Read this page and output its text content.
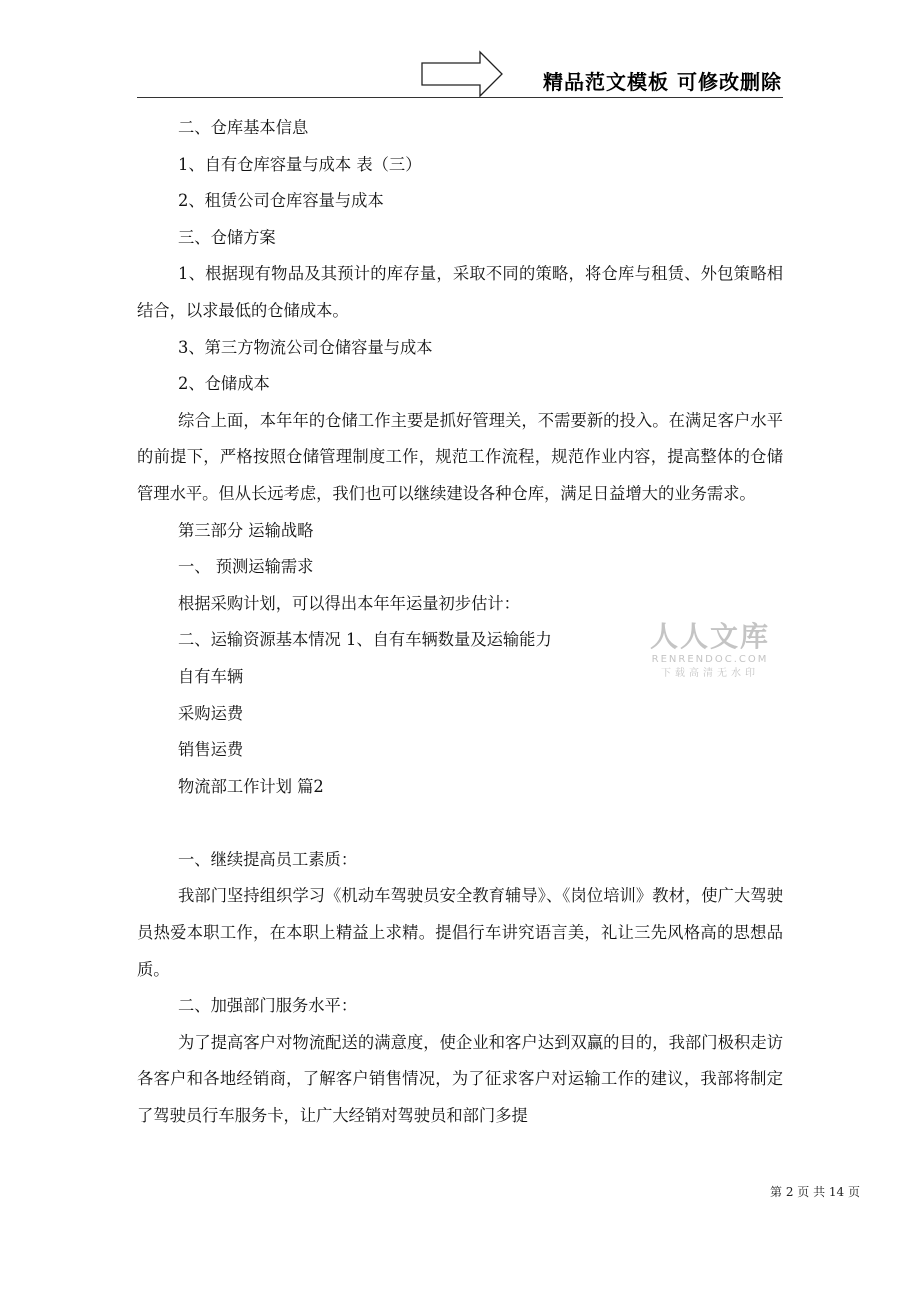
精品范文模板 可修改删除

二、仓库基本信息

1、自有仓库容量与成本 表（三）

2、租赁公司仓库容量与成本

三、仓储方案

1、根据现有物品及其预计的库存量，采取不同的策略，将仓库与租赁、外包策略相结合，以求最低的仓储成本。

3、第三方物流公司仓储容量与成本

2、仓储成本

综合上面，本年年的仓储工作主要是抓好管理关，不需要新的投入。在满足客户水平的前提下，严格按照仓储管理制度工作，规范工作流程，规范作业内容，提高整体的仓储管理水平。但从长远考虑，我们也可以继续建设各种仓库，满足日益增大的业务需求。

第三部分 运输战略

一、 预测运输需求

根据采购计划，可以得出本年年运量初步估计：

二、运输资源基本情况 1、自有车辆数量及运输能力

自有车辆

采购运费

销售运费

物流部工作计划 篇2

一、继续提高员工素质：

我部门坚持组织学习《机动车驾驶员安全教育辅导》、《岗位培训》教材，使广大驾驶员热爱本职工作，在本职上精益上求精。提倡行车讲究语言美，礼让三先风格高的思想品质。

二、加强部门服务水平：

为了提高客户对物流配送的满意度，使企业和客户达到双赢的目的，我部门极积走访各客户和各地经销商，了解客户销售情况，为了征求客户对运输工作的建议，我部将制定了驾驶员行车服务卡，让广大经销对驾驶员和部门多提

人人文库
RENRENDOC.COM
下载高清无水印
第 2 页 共 14 页
